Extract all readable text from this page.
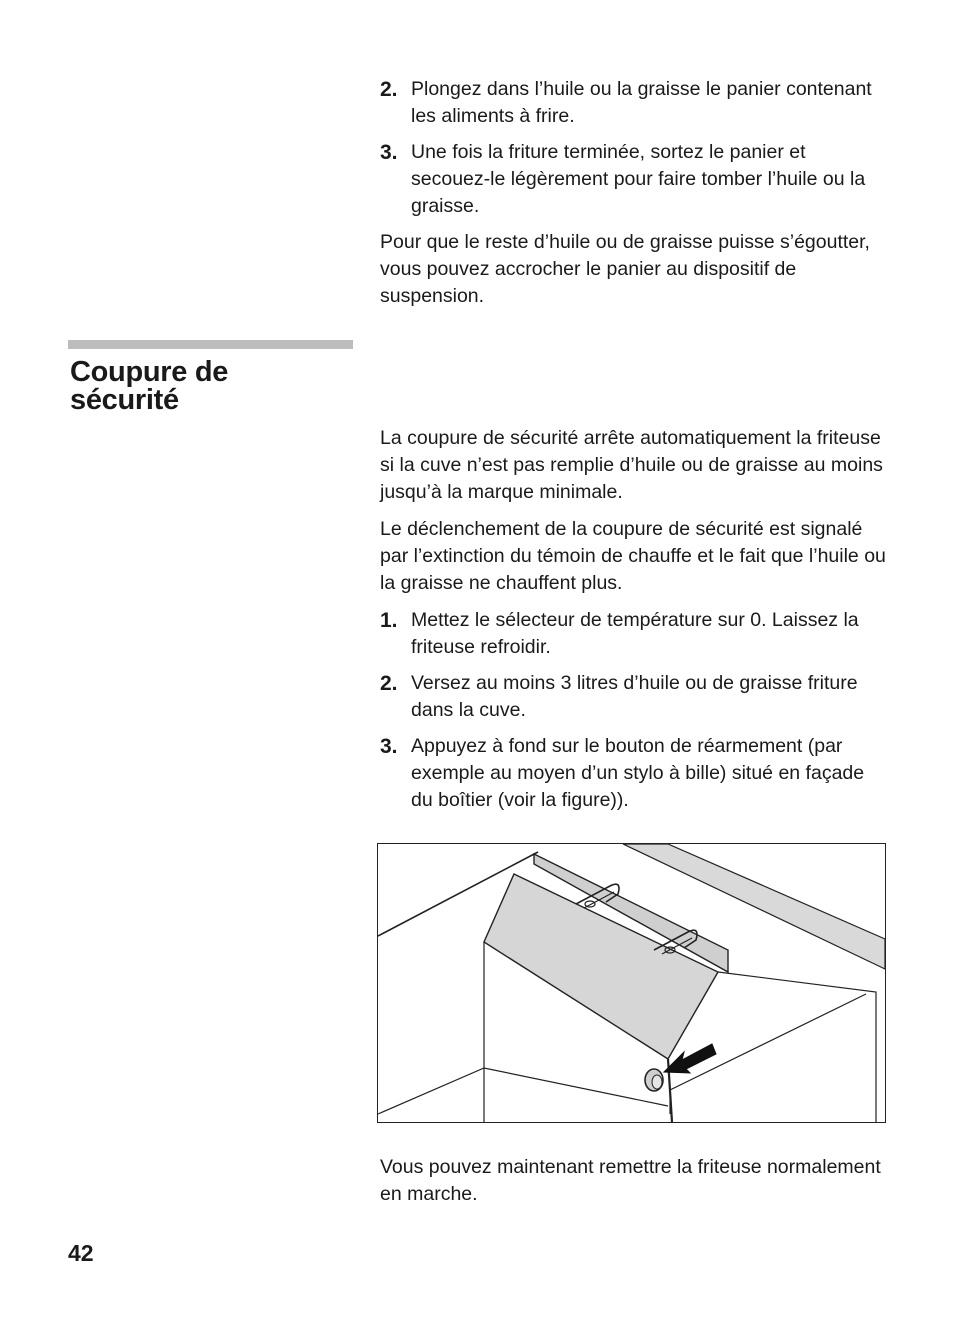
2. Plongez dans l’huile ou la graisse le panier contenant les aliments à frire.
3. Une fois la friture terminée, sortez le panier et secouez-le légèrement pour faire tomber l’huile ou la graisse.

Pour que le reste d’huile ou de graisse puisse s’égoutter, vous pouvez accrocher le panier au dispositif de suspension.

Coupure de
sécurité

La coupure de sécurité arrête automatiquement la friteuse si la cuve n’est pas remplie d’huile ou de graisse au moins jusqu’à la marque minimale.

Le déclenchement de la coupure de sécurité est signalé par l’extinction du témoin de chauffe et le fait que l’huile ou la graisse ne chauffent plus.

1. Mettez le sélecteur de température sur 0. Laissez la friteuse refroidir.
2. Versez au moins 3 litres d’huile ou de graisse friture dans la cuve.
3. Appuyez à fond sur le bouton de réarmement (par exemple au moyen d’un stylo à bille) situé en façade du boîtier (voir la figure)).

Vous pouvez maintenant remettre la friteuse normalement en marche.

42
